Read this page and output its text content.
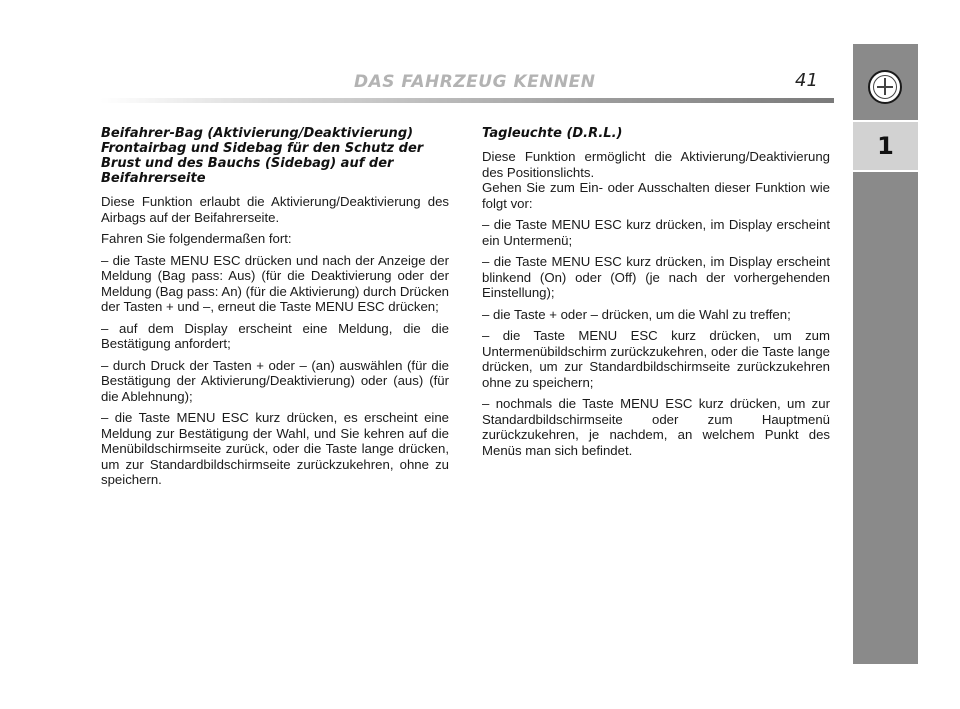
DAS FAHRZEUG KENNEN	41
1
Beifahrer-Bag (Aktivierung/Deaktivierung) Frontairbag und Sidebag für den Schutz der Brust und des Bauchs (Sidebag) auf der Beifahrerseite

Diese Funktion erlaubt die Aktivierung/Deaktivierung des Airbags auf der Beifahrerseite.

Fahren Sie folgendermaßen fort:

– die Taste MENU ESC drücken und nach der Anzeige der Meldung (Bag pass: Aus) (für die Deaktivierung oder der Meldung (Bag pass: An) (für die Aktivierung) durch Drücken der Tasten + und –, erneut die Taste MENU ESC drücken;

– auf dem Display erscheint eine Meldung, die die Bestätigung anfordert;

– durch Druck der Tasten + oder – (an) auswählen (für die Bestätigung der Aktivierung/Deaktivierung) oder (aus) (für die Ablehnung);

– die Taste MENU ESC kurz drücken, es erscheint eine Meldung zur Bestätigung der Wahl, und Sie kehren auf die Menübildschirmseite zurück, oder die Taste lange drücken, um zur Standardbildschirmseite zurückzukehren, ohne zu speichern.

Tagleuchte (D.R.L.)

Diese Funktion ermöglicht die Aktivierung/Deaktivierung des Positionslichts.

Gehen Sie zum Ein- oder Ausschalten dieser Funktion wie folgt vor:

– die Taste MENU ESC kurz drücken, im Display erscheint ein Untermenü;

– die Taste MENU ESC kurz drücken, im Display erscheint blinkend (On) oder (Off) (je nach der vorhergehenden Einstellung);

– die Taste + oder – drücken, um die Wahl zu treffen;

– die Taste MENU ESC kurz drücken, um zum Untermenübildschirm zurückzukehren, oder die Taste lange drücken, um zur Standardbildschirmseite zurückzukehren ohne zu speichern;

– nochmals die Taste MENU ESC kurz drücken, um zur Standardbildschirmseite oder zum Hauptmenü zurückzukehren, je nachdem, an welchem Punkt des Menüs man sich befindet.
